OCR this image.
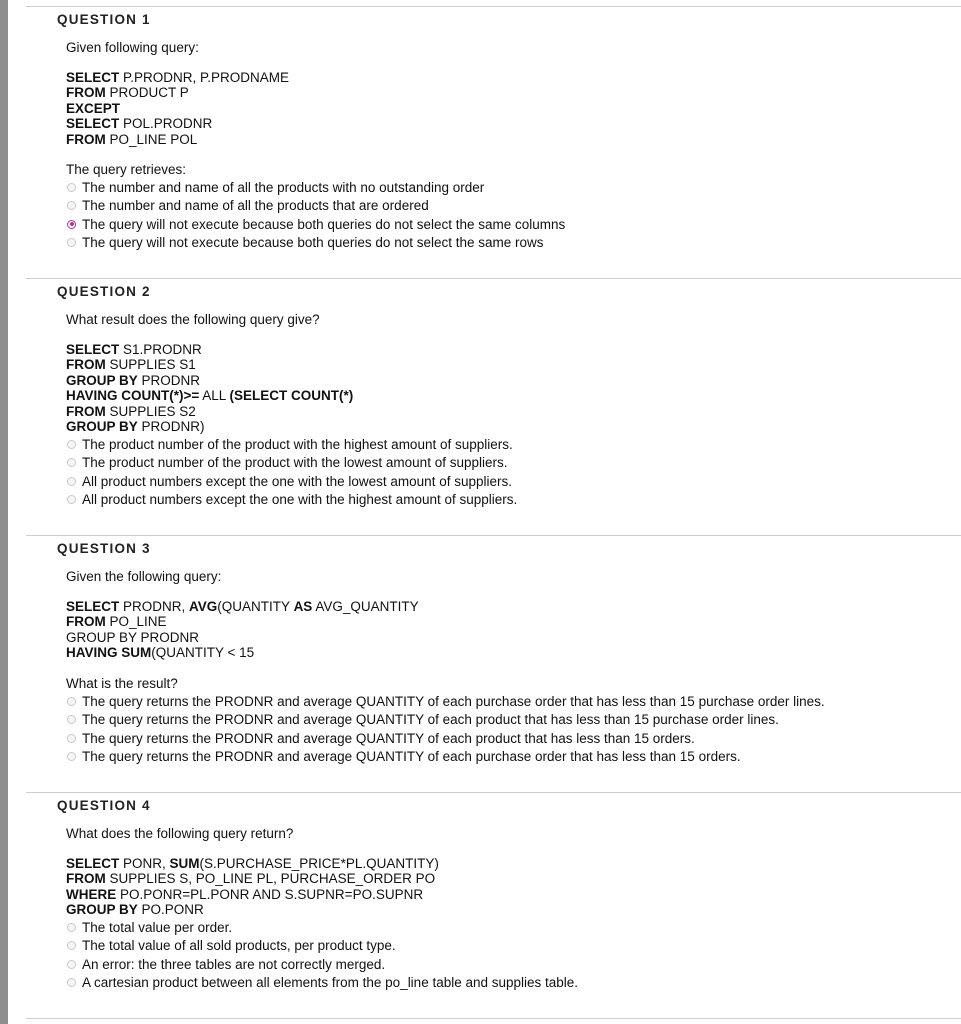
QUESTION 1
Given following query:
SELECT P.PRODNR, P.PRODNAME
FROM PRODUCT P
EXCEPT
SELECT POL.PRODNR
FROM PO_LINE POL
The query retrieves:
The number and name of all the products with no outstanding order
The number and name of all the products that are ordered
The query will not execute because both queries do not select the same columns
The query will not execute because both queries do not select the same rows
QUESTION 2
What result does the following query give?
SELECT S1.PRODNR
FROM SUPPLIES S1
GROUP BY PRODNR
HAVING COUNT(*)>= ALL (SELECT COUNT(*)
FROM SUPPLIES S2
GROUP BY PRODNR)
The product number of the product with the highest amount of suppliers.
The product number of the product with the lowest amount of suppliers.
All product numbers except the one with the lowest amount of suppliers.
All product numbers except the one with the highest amount of suppliers.
QUESTION 3
Given the following query:
SELECT PRODNR, AVG(QUANTITY AS AVG_QUANTITY
FROM PO_LINE
GROUP BY PRODNR
HAVING SUM(QUANTITY < 15
What is the result?
The query returns the PRODNR and average QUANTITY of each purchase order that has less than 15 purchase order lines.
The query returns the PRODNR and average QUANTITY of each product that has less than 15 purchase order lines.
The query returns the PRODNR and average QUANTITY of each product that has less than 15 orders.
The query returns the PRODNR and average QUANTITY of each purchase order that has less than 15 orders.
QUESTION 4
What does the following query return?
SELECT PONR, SUM(S.PURCHASE_PRICE*PL.QUANTITY)
FROM SUPPLIES S, PO_LINE PL, PURCHASE_ORDER PO
WHERE PO.PONR=PL.PONR AND S.SUPNR=PO.SUPNR
GROUP BY PO.PONR
The total value per order.
The total value of all sold products, per product type.
An error: the three tables are not correctly merged.
A cartesian product between all elements from the po_line table and supplies table.
